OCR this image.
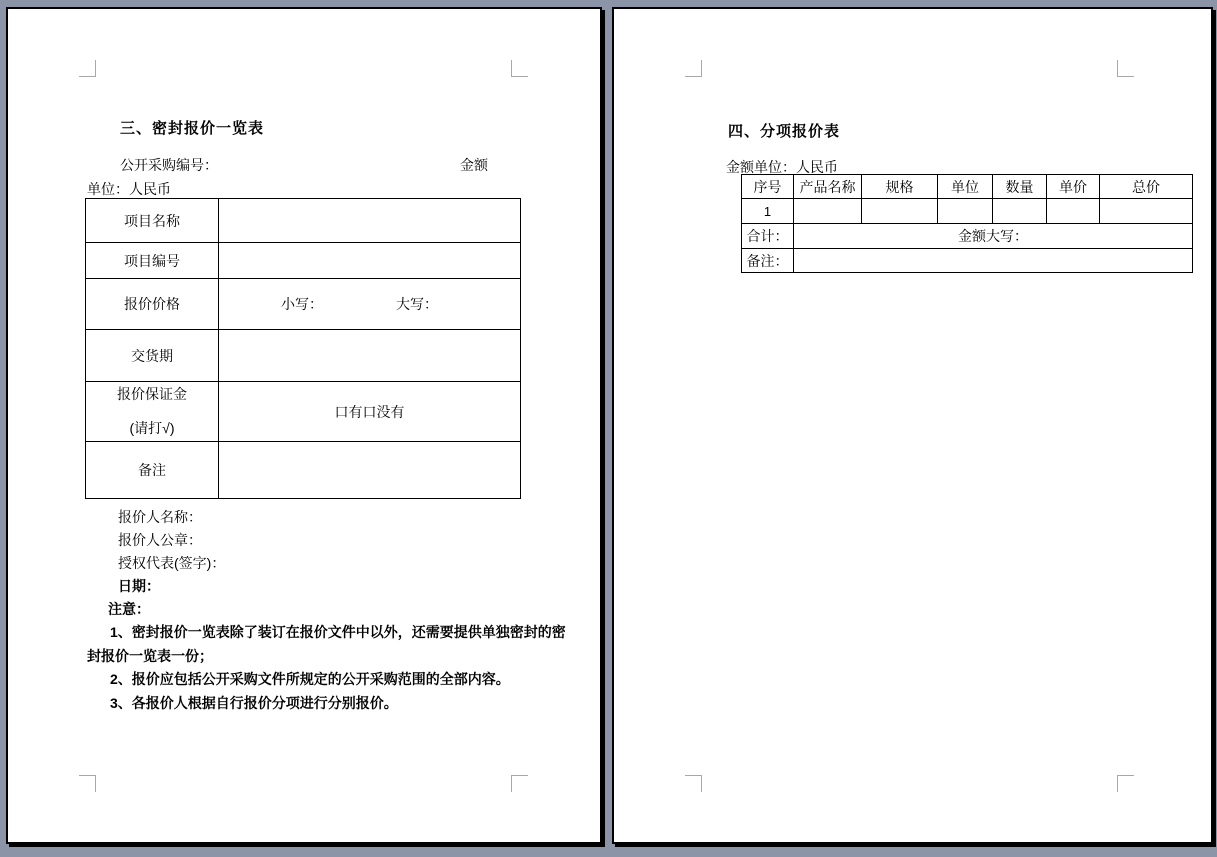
三、密封报价一览表
公开采购编号：	金额
单位：人民币
项目名称	
项目编号	
报价价格	小写： 大写：

交货期	

报价保证金
(请打√)	口有口没有
备注	
报价人名称：
报价人公章：
授权代表(签字)：
日期：
注意：
1、密封报价一览表除了装订在报价文件中以外，还需要提供单独密封的密
封报价一览表一份；
2、报价应包括公开采购文件所规定的公开采购范围的全部内容。
3、各报价人根据自行报价分项进行分别报价。
四、分项报价表
金额单位：人民币
序号	产品名称	规格	单位	数量	单价	总价
1						
合计：	金额大写：					
备注：						
